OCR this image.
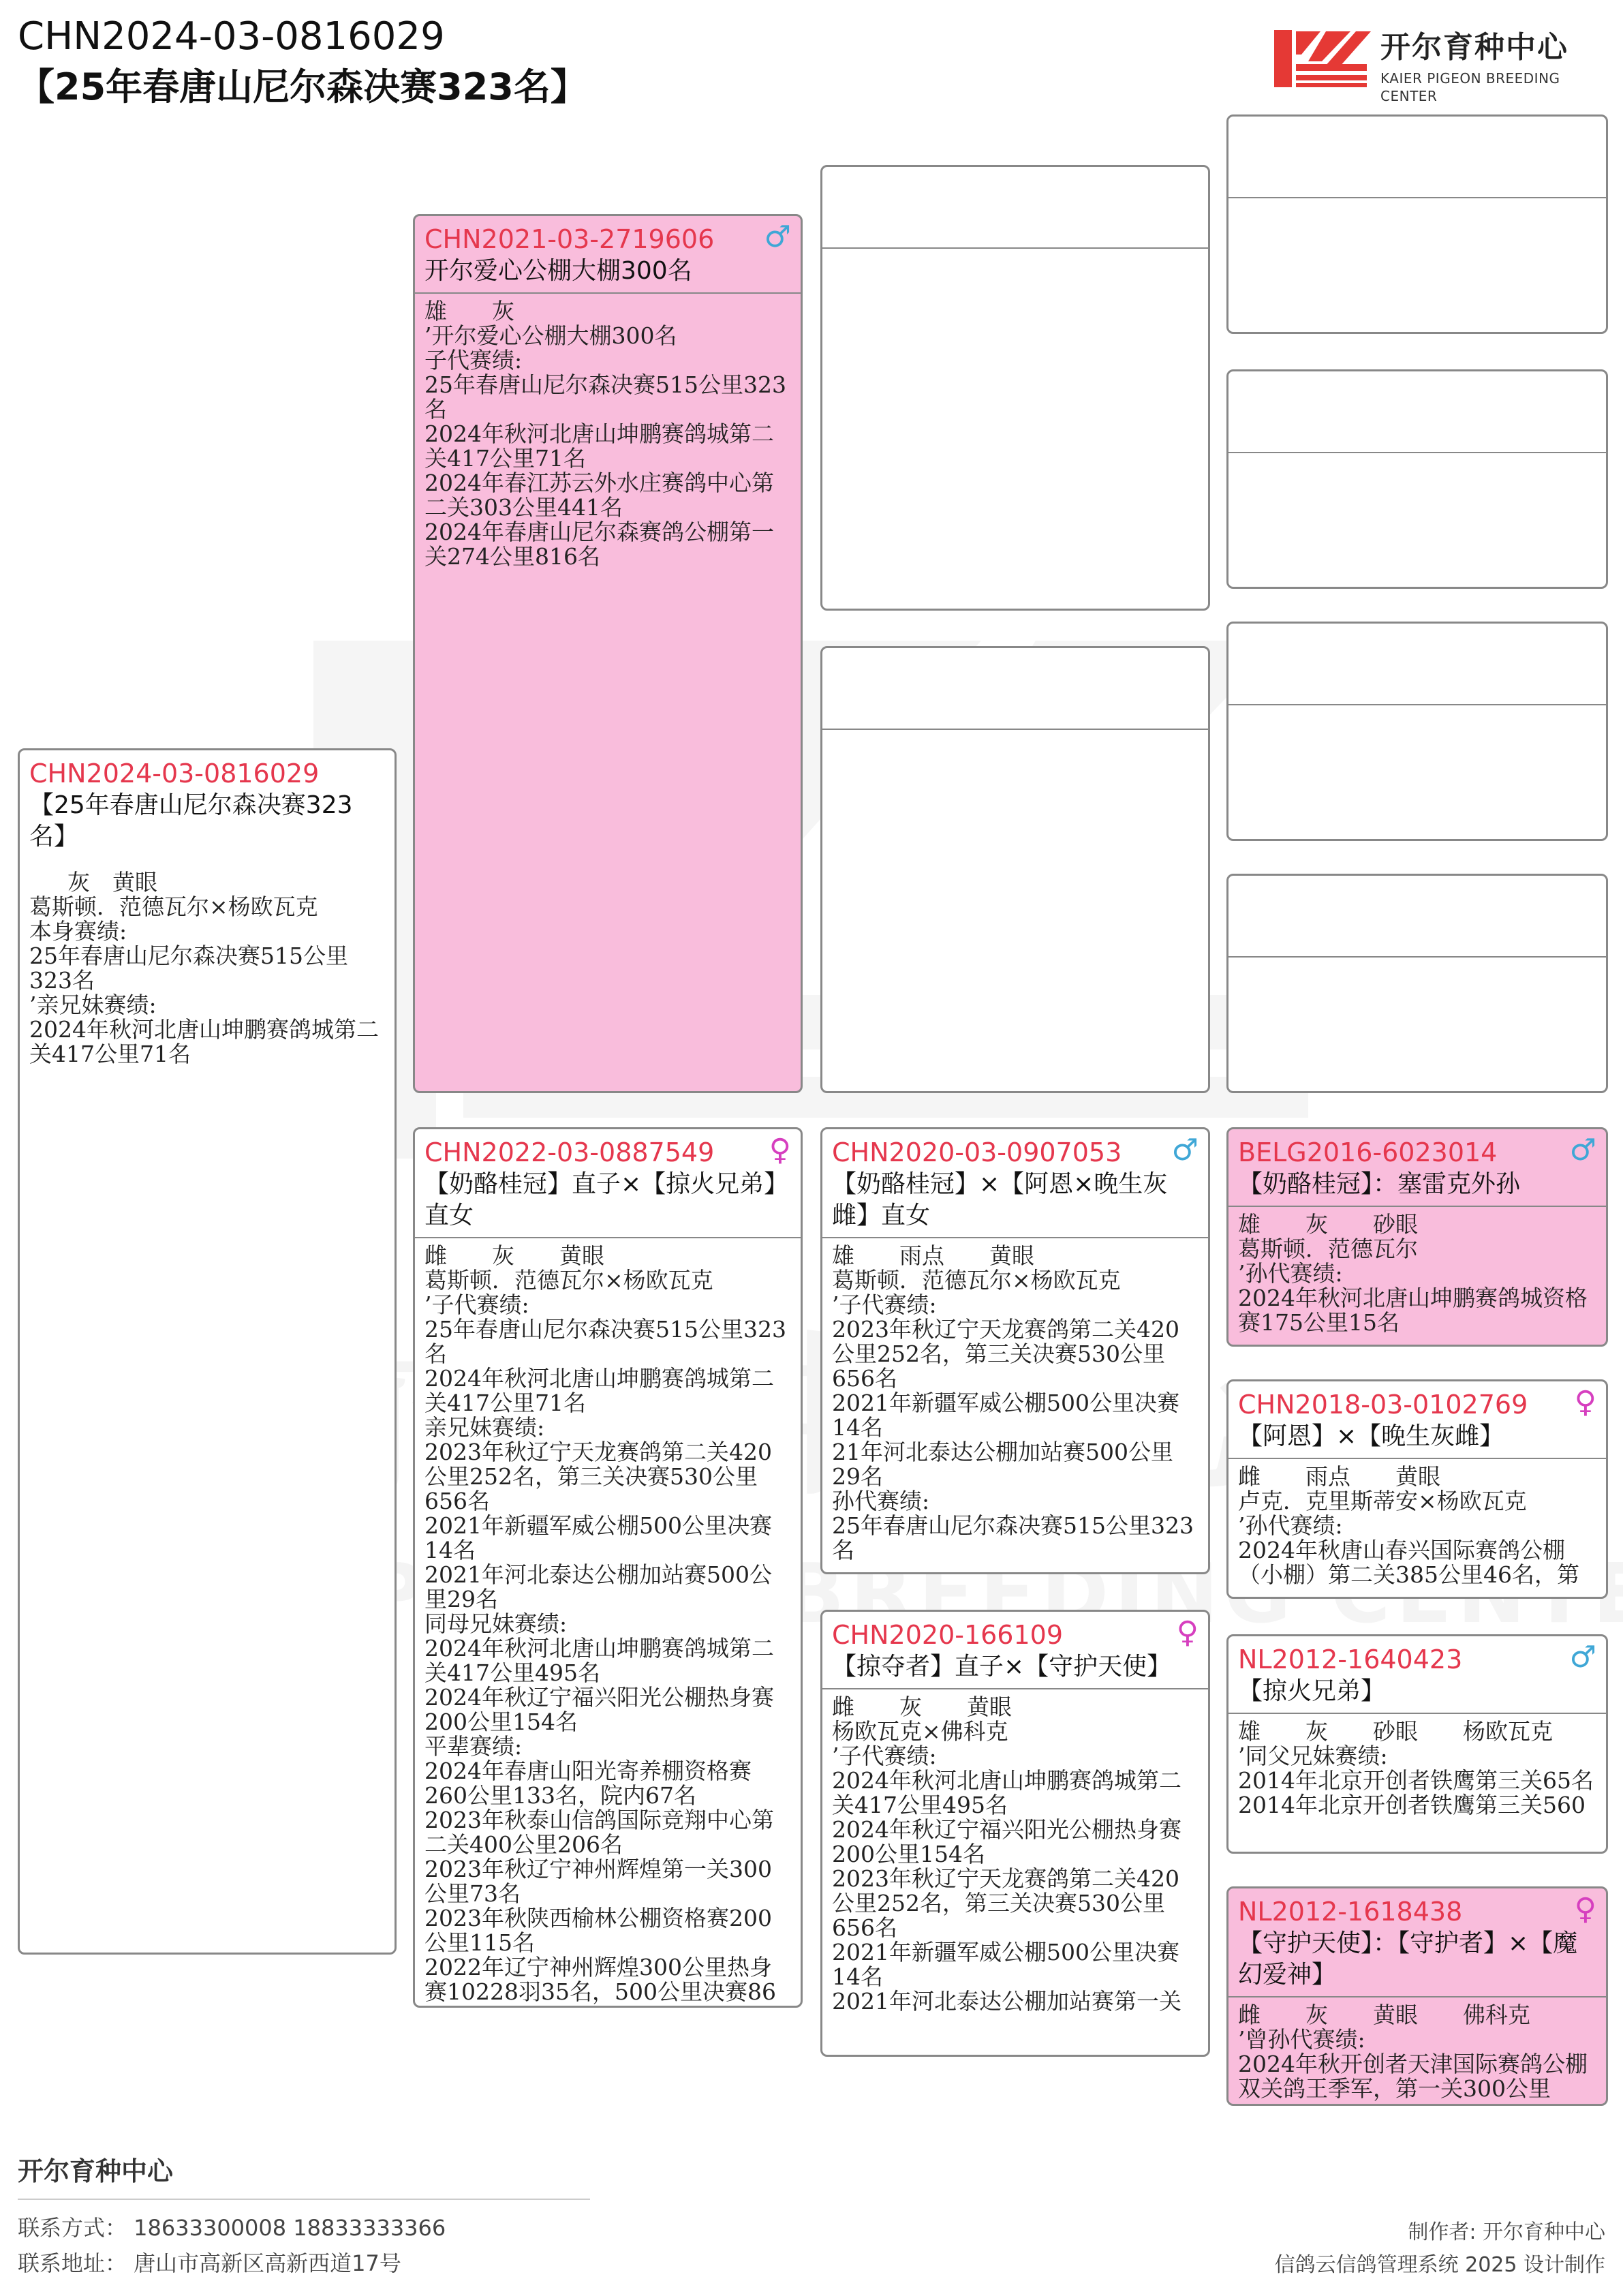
CHN2024-03-0816029
【25年春唐山尼尔森决赛323名】
开尔育种中心
KAIER PIGEON BREEDING CENTER
CHN2024-03-0816029
【25年春唐山尼尔森决赛323名】
灰　黄眼
葛斯顿．范德瓦尔×杨欧瓦克
本身赛绩:
25年春唐山尼尔森决赛515公里323名
’亲兄妹赛绩:
2024年秋河北唐山坤鹏赛鸽城第二关417公里71名
CHN2021-03-2719606
开尔爱心公棚大棚300名
♂
雄　　灰
’开尔爱心公棚大棚300名
子代赛绩:
25年春唐山尼尔森决赛515公里323名
2024年秋河北唐山坤鹏赛鸽城第二关417公里71名
2024年春江苏云外水庄赛鸽中心第二关303公里441名
2024年春唐山尼尔森赛鸽公棚第一关274公里816名
CHN2022-03-0887549
【奶酪桂冠】直子×【掠火兄弟】直女
♀
雌　　灰　　黄眼
葛斯顿．范德瓦尔×杨欧瓦克
’子代赛绩:
25年春唐山尼尔森决赛515公里323名
2024年秋河北唐山坤鹏赛鸽城第二关417公里71名
亲兄妹赛绩:
2023年秋辽宁天龙赛鸽第二关420公里252名，第三关决赛530公里656名
2021年新疆军威公棚500公里决赛14名
2021年河北泰达公棚加站赛500公里29名
同母兄妹赛绩:
2024年秋河北唐山坤鹏赛鸽城第二关417公里495名
2024年秋辽宁福兴阳光公棚热身赛200公里154名
平辈赛绩:
2024年春唐山阳光寄养棚资格赛260公里133名，院内67名
2023年秋泰山信鸽国际竞翔中心第二关400公里206名
2023年秋辽宁神州辉煌第一关300公里73名
2023年秋陕西榆林公棚资格赛200公里115名
2022年辽宁神州辉煌300公里热身赛10228羽35名，500公里决赛86
CHN2020-03-0907053
【奶酪桂冠】×【阿恩×晚生灰雌】直女
♂
雄　　雨点　　黄眼
葛斯顿．范德瓦尔×杨欧瓦克
’子代赛绩:
2023年秋辽宁天龙赛鸽第二关420公里252名，第三关决赛530公里656名
2021年新疆军威公棚500公里决赛14名
21年河北泰达公棚加站赛500公里29名
孙代赛绩:
25年春唐山尼尔森决赛515公里323名
CHN2020-166109
【掠夺者】直子×【守护天使】
♀
雌　　灰　　黄眼
杨欧瓦克×佛科克
’子代赛绩:
2024年秋河北唐山坤鹏赛鸽城第二关417公里495名
2024年秋辽宁福兴阳光公棚热身赛200公里154名
2023年秋辽宁天龙赛鸽第二关420公里252名，第三关决赛530公里656名
2021年新疆军威公棚500公里决赛14名
2021年河北泰达公棚加站赛第一关
BELG2016-6023014
【奶酪桂冠】：塞雷克外孙
♂
雄　　灰　　砂眼
葛斯顿．范德瓦尔
’孙代赛绩:
2024年秋河北唐山坤鹏赛鸽城资格赛175公里15名
CHN2018-03-0102769
【阿恩】×【晚生灰雌】
♀
雌　　雨点　　黄眼
卢克．克里斯蒂安×杨欧瓦克
’孙代赛绩:
2024年秋唐山春兴国际赛鸽公棚（小棚）第二关385公里46名，第
NL2012-1640423
【掠火兄弟】
♂
雄　　灰　　砂眼　　杨欧瓦克
’同父兄妹赛绩:
2014年北京开创者铁鹰第三关65名
2014年北京开创者铁鹰第三关560
NL2012-1618438
【守护天使】：【守护者】×【魔幻爱神】
♀
雌　　灰　　黄眼　　佛科克
’曾孙代赛绩:
2024年秋开创者天津国际赛鸽公棚双关鸽王季军，第一关300公里
开尔育种中心
联系方式： 18633300008 18833333366
联系地址： 唐山市高新区高新西道17号
制作者: 开尔育种中心
信鸽云信鸽管理系统 2025 设计制作
